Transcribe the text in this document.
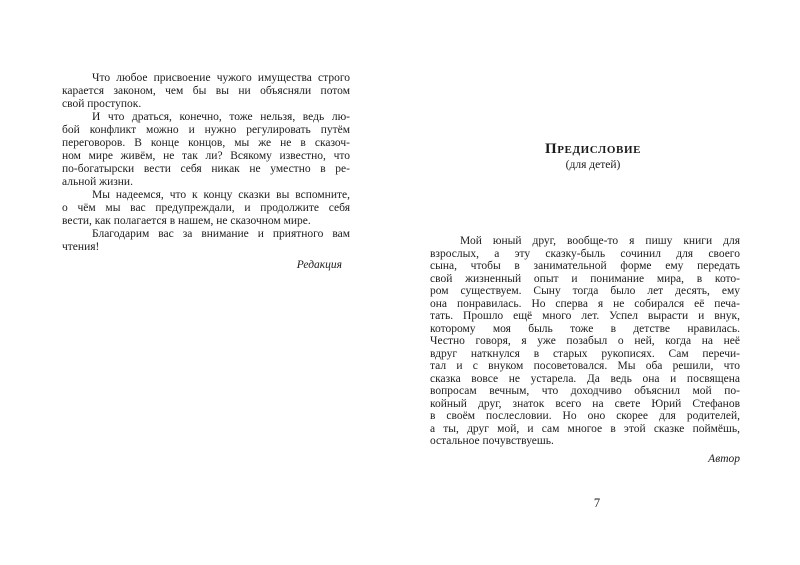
Что любое присвоение чужого имущества строго
карается законом, чем бы вы ни объясняли потом
свой проступок.
И что драться, конечно, тоже нельзя, ведь лю-
бой конфликт можно и нужно регулировать путём
переговоров. В конце концов, мы же не в сказоч-
ном мире живём, не так ли? Всякому известно, что
по-богатырски вести себя никак не уместно в ре-
альной жизни.
Мы надеемся, что к концу сказки вы вспомните,
о чём мы вас предупреждали, и продолжите себя
вести, как полагается в нашем, не сказочном мире.
Благодарим вас за внимание и приятного вам
чтения!
Редакция
Предисловие
(для детей)
Мой юный друг, вообще-то я пишу книги для
взрослых, а эту сказку-быль сочинил для своего
сына, чтобы в занимательной форме ему передать
свой жизненный опыт и понимание мира, в кото-
ром существуем. Сыну тогда было лет десять, ему
она понравилась. Но сперва я не собирался её печа-
тать. Прошло ещё много лет. Успел вырасти и внук,
которому моя быль тоже в детстве нравилась.
Честно говоря, я уже позабыл о ней, когда на неё
вдруг наткнулся в старых рукописях. Сам перечи-
тал и с внуком посоветовался. Мы оба решили, что
сказка вовсе не устарела. Да ведь она и посвящена
вопросам вечным, что доходчиво объяснил мой по-
койный друг, знаток всего на свете Юрий Стефанов
в своём послесловии. Но оно скорее для родителей,
а ты, друг мой, и сам многое в этой сказке поймёшь,
остальное почувствуешь.
Автор
7
